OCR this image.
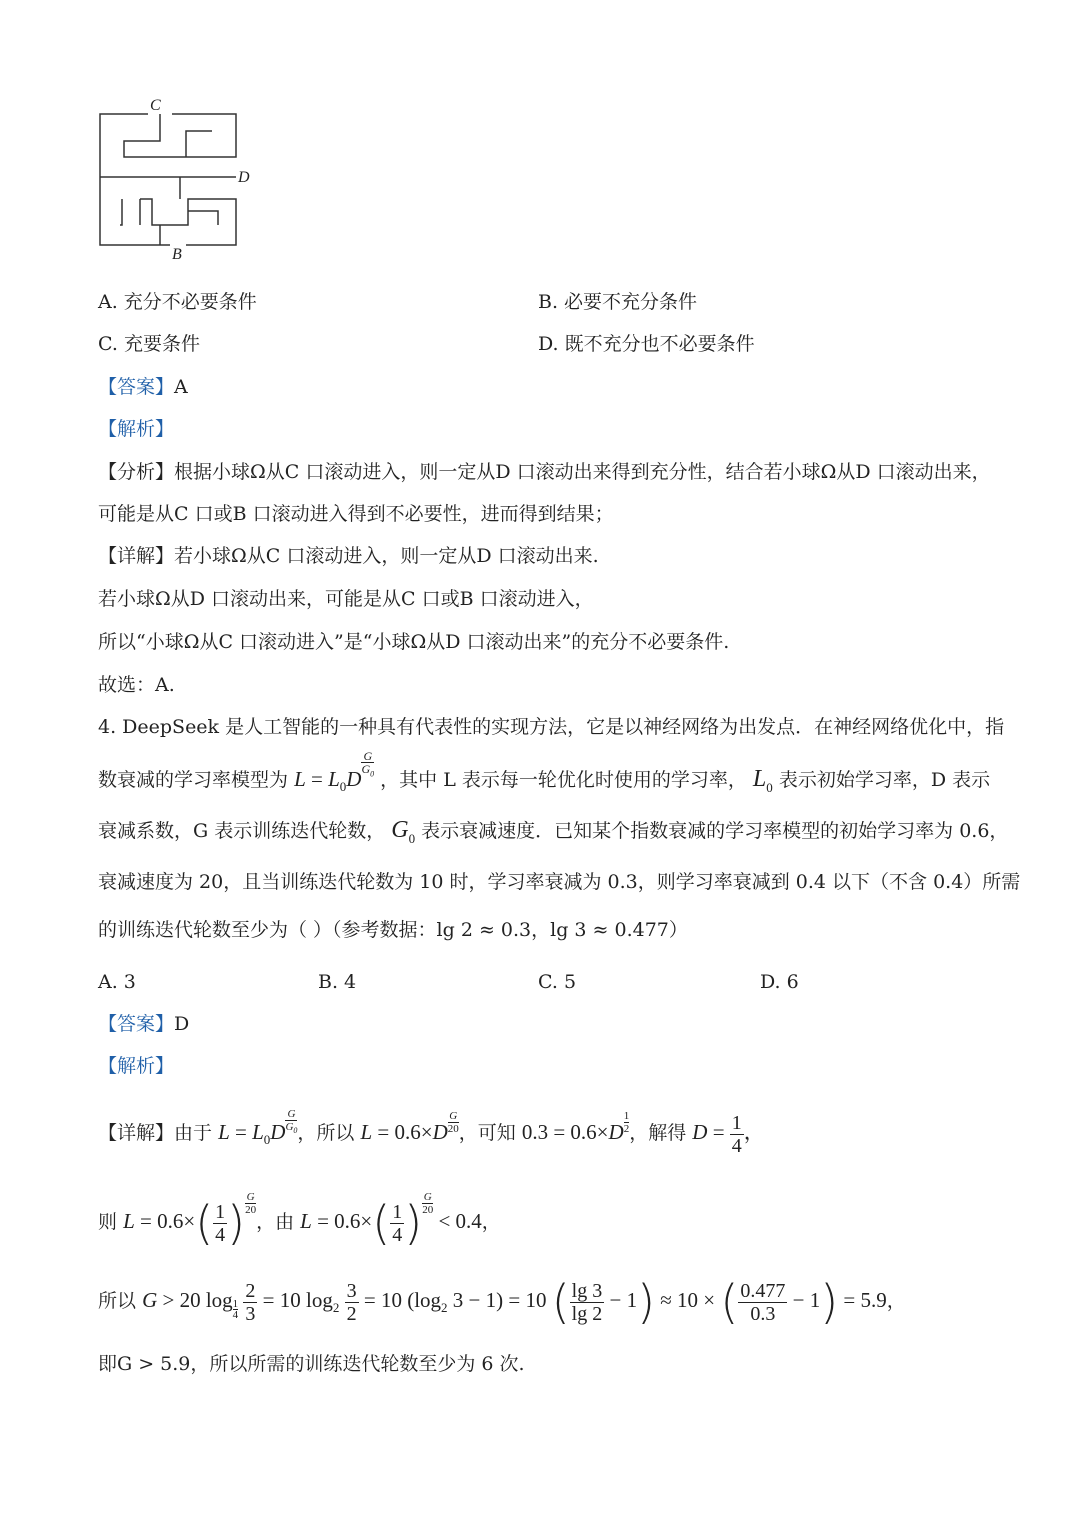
C
D
B
A. 充分不必要条件	B. 必要不充分条件
C. 充要条件	D. 既不充分也不必要条件
【答案】A
【解析】
【分析】根据小球Ω从C 口滚动进入，则一定从D 口滚动出来得到充分性，结合若小球Ω从D 口滚动出来，
可能是从C 口或B 口滚动进入得到不必要性，进而得到结果；
【详解】若小球Ω从C 口滚动进入，则一定从D 口滚动出来.
若小球Ω从D 口滚动出来，可能是从C 口或B 口滚动进入，
所以“小球Ω从C 口滚动进入”是“小球Ω从D 口滚动出来”的充分不必要条件.
故选：A.
4. DeepSeek 是人工智能的一种具有代表性的实现方法，它是以神经网络为出发点．在神经网络优化中，指
数衰减的学习率模型为 $L = L_0D$ $^{\frac{G}{G_0}}$ ，其中 L 表示每一轮优化时使用的学习率， $L_0$ 表示初始学习率，D 表示
衰减系数，G 表示训练迭代轮数， $G_0$ 表示衰减速度．已知某个指数衰减的学习率模型的初始学习率为 0.6，
衰减速度为 20，且当训练迭代轮数为 10 时，学习率衰减为 0.3，则学习率衰减到 0.4 以下（不含 0.4）所需
的训练迭代轮数至少为（ ）（参考数据：lg 2 ≈ 0.3，lg 3 ≈ 0.477）
A. 3	B. 4	C. 5	D. 6
【答案】D
【解析】
【详解】由于 $L = L_0D$ $^{\frac{G}{G_0}}$ ，所以 L = 0.6×D $^{\frac{G}{20}}$ ，可知 0.3 = 0.6×D $^{\frac{1}{2}}$ ，解得 $D = \frac{1}{4}$ ，
则 $L = 0.6\times( \frac{1}{4}$ ) $^{\frac{G}{20}}$
，由 $L = 0.6\times( \frac{1}{4}$ ) $^{\frac{G}{20}}$
< 0.4，
所以 G > 20 log $_{\frac{1}{4}}$
$\frac{2}{3} = 10$ $\log_2 \frac{3}{2} = 10$ ($\log_2$ 3 − 1) = 10 ( $\frac{\lg 3}{\lg 2} - 1) \approx 10$ × ( $\frac{0.477}{0.3} - 1) = 5.9$，
即G > 5.9，所以所需的训练迭代轮数至少为 6 次.
